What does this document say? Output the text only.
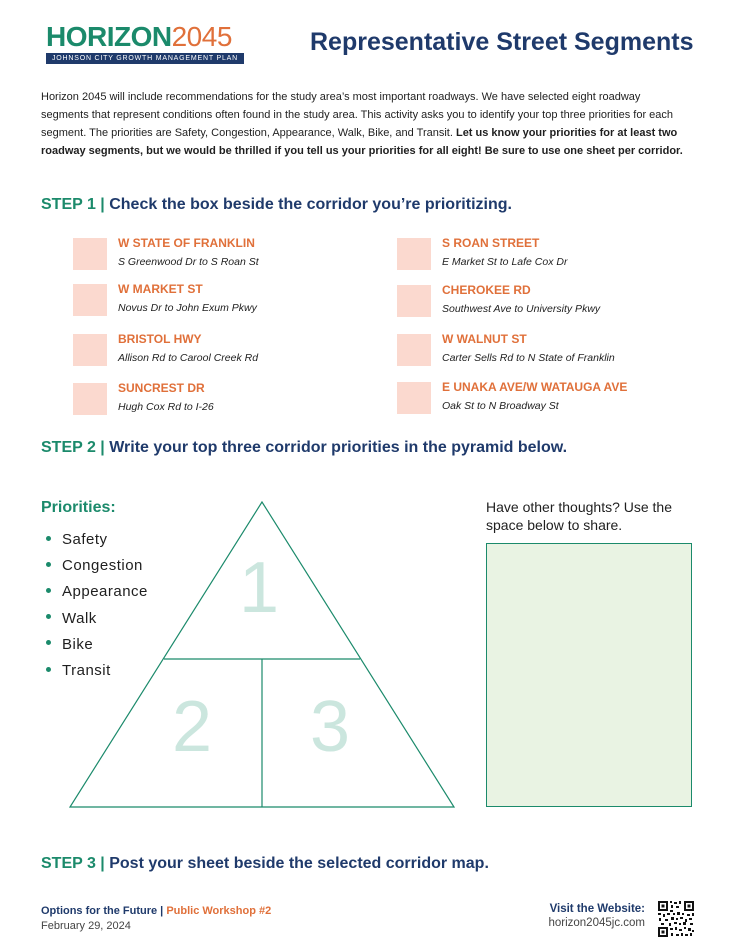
HORIZON2045
JOHNSON CITY GROWTH MANAGEMENT PLAN
Representative Street Segments
Horizon 2045 will include recommendations for the study area’s most important roadways. We have selected eight roadway segments that represent conditions often found in the study area. This activity asks you to identify your top three priorities for each segment. The priorities are Safety, Congestion, Appearance, Walk, Bike, and Transit. Let us know your priorities for at least two roadway segments, but we would be thrilled if you tell us your priorities for all eight! Be sure to use one sheet per corridor.
STEP 1 | Check the box beside the corridor you’re prioritizing.
W STATE OF FRANKLIN
S Greenwood Dr to S Roan St
W MARKET ST
Novus Dr to John Exum Pkwy
BRISTOL HWY
Allison Rd to Carool Creek Rd
SUNCREST DR
Hugh Cox Rd to I-26
S ROAN STREET
E Market St to Lafe Cox Dr
CHEROKEE RD
Southwest Ave to University Pkwy
W WALNUT ST
Carter Sells Rd to N State of Franklin
E UNAKA AVE/W WATAUGA AVE
Oak St to N Broadway St
STEP 2 | Write your top three corridor priorities in the pyramid below.
1
2 3
Priorities:
Safety
Congestion
Appearance
Walk
Bike
Transit
Have other thoughts? Use the space below to share.
STEP 3 | Post your sheet beside the selected corridor map.
Options for the Future | Public Workshop #2
February 29, 2024
Visit the Website:
horizon2045jc.com
